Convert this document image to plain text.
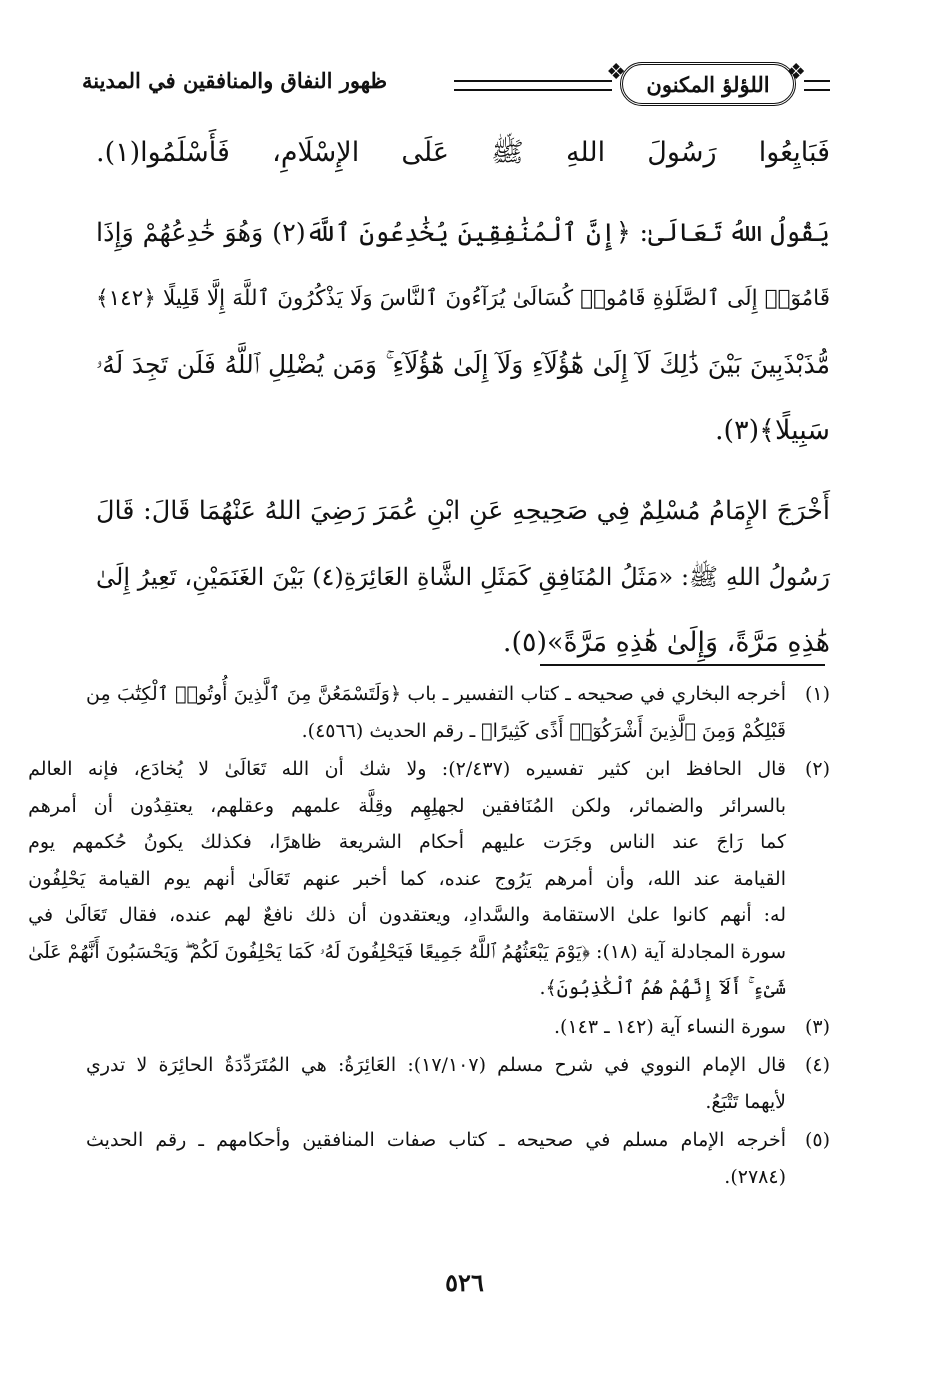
❖
اللؤلؤ المكنون
❖
ظهور النفاق والمنافقين في المدينة
فَبَايِعُوا رَسُولَ اللهِ ﷺ عَلَى الإِسْلَامِ، فَأَسْلَمُوا(١).
يَقُولُ اللهُ تَعَالَىٰ: ﴿إِنَّ ٱلْمُنَٰفِقِينَ يُخَٰدِعُونَ ٱللَّهَ(٢) وَهُوَ خَٰدِعُهُمْ وَإِذَا
قَامُوٓا۟ إِلَى ٱلصَّلَوٰةِ قَامُوا۟ كُسَالَىٰ يُرَآءُونَ ٱلنَّاسَ وَلَا يَذْكُرُونَ ٱللَّهَ إِلَّا قَلِيلًا ﴿١٤٢﴾
مُّذَبْذَبِينَ بَيْنَ ذَٰلِكَ لَآ إِلَىٰ هَٰٓؤُلَآءِ وَلَآ إِلَىٰ هَٰٓؤُلَآءِ ۚ وَمَن يُضْلِلِ ٱللَّهُ فَلَن تَجِدَ لَهُۥ
سَبِيلًا﴾(٣).
أَخْرَجَ الإِمَامُ مُسْلِمٌ فِي صَحِيحِهِ عَنِ ابْنِ عُمَرَ رَضِيَ اللهُ عَنْهُمَا قَالَ: قَالَ
رَسُولُ اللهِ ﷺ: «مَثَلُ المُنَافِقِ كَمَثَلِ الشَّاةِ العَائِرَةِ(٤) بَيْنَ الغَنَمَيْنِ، تَعِيرُ إِلَىٰ
هَٰذِهِ مَرَّةً، وَإِلَىٰ هَٰذِهِ مَرَّةً»(٥).
(١)
أخرجه البخاري في صحيحه ـ كتاب التفسير ـ باب ﴿وَلَتَسْمَعُنَّ مِنَ ٱلَّذِينَ أُوتُوا۟ ٱلْكِتَٰبَ مِن
قَبْلِكُمْ وَمِنَ ٱلَّذِينَ أَشْرَكُوٓا۟ أَذًى كَثِيرًا﴾ ـ رقم الحديث (٤٥٦٦).
(٢)
قال الحافظ ابن كثير تفسيره (٢/٤٣٧): ولا شك أن الله تَعَالَىٰ لا يُخادَع، فإنه العالم
بالسرائر والضمائر، ولكن المُنَافقين لجهلِهِم وقِلَّة علمهم وعقلهم، يعتقِدُون أن أمرهم
كما رَاجَ عند الناس وجَرَت عليهم أحكام الشريعة ظاهرًا، فكذلك يكونُ حُكمهم يوم
القيامة عند الله، وأن أمرهم يَرُوج عنده، كما أخبر عنهم تَعَالَىٰ أنهم يوم القيامة يَحْلِفُون
له: أنهم كانوا علىٰ الاستقامة والسَّدادِ، ويعتقدون أن ذلك نافعٌ لهم عنده، فقال تَعَالَىٰ في
سورة المجادلة آية (١٨): ﴿يَوْمَ يَبْعَثُهُمُ ٱللَّهُ جَمِيعًا فَيَحْلِفُونَ لَهُۥ كَمَا يَحْلِفُونَ لَكُمْ ۖ وَيَحْسَبُونَ أَنَّهُمْ عَلَىٰ
شَىْءٍ ۚ أَلَآ إِنَّهُمْ هُمُ ٱلْكَٰذِبُونَ﴾.
(٣)
سورة النساء آية (١٤٢ ـ ١٤٣).
(٤)
قال الإمام النووي في شرح مسلم (١٧/١٠٧): العَائِرَةُ: هي المُتَرَدِّدَةُ الحائِرَة لا تدري
لأيهما تَتْبَعُ.
(٥)
أخرجه الإمام مسلم في صحيحه ـ كتاب صفات المنافقين وأحكامهم ـ رقم الحديث
(٢٧٨٤).
٥٢٦
